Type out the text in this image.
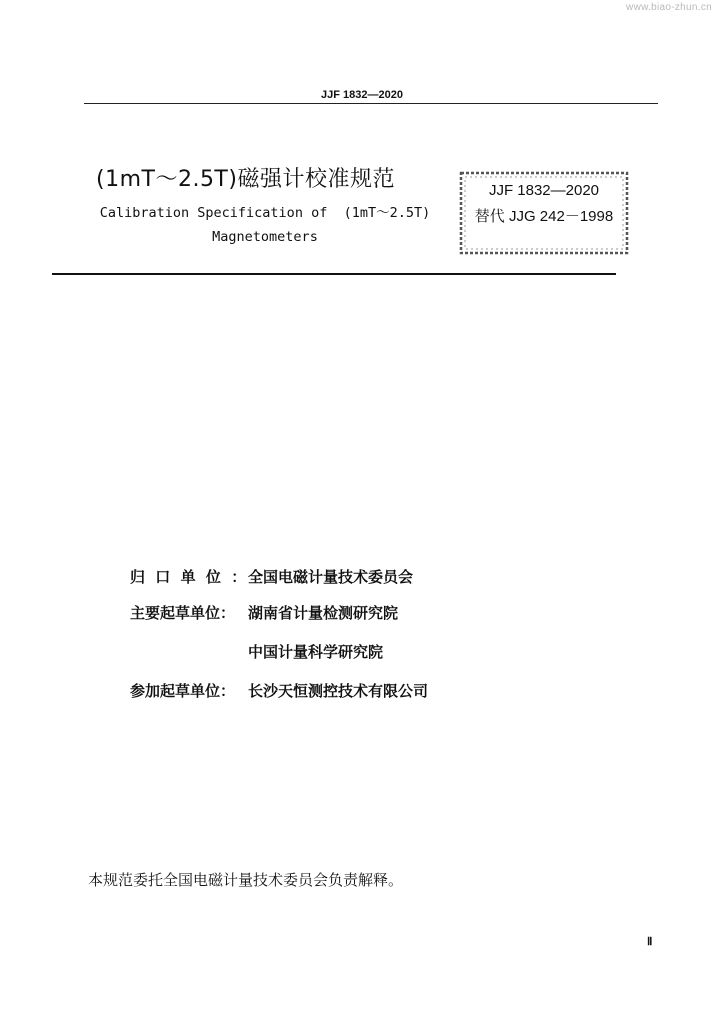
www.biao-zhun.cn
JJF 1832—2020
(1mT～2.5T)磁强计校准规范
Calibration Specification of  (1mT～2.5T)
Magnetometers
JJF 1832—2020
替代 JJG 242－1998
归口单位：
全国电磁计量技术委员会
主要起草单位： 湖南省计量检测研究院
中国计量科学研究院
参加起草单位： 长沙天恒测控技术有限公司
本规范委托全国电磁计量技术委员会负责解释。
Ⅱ
